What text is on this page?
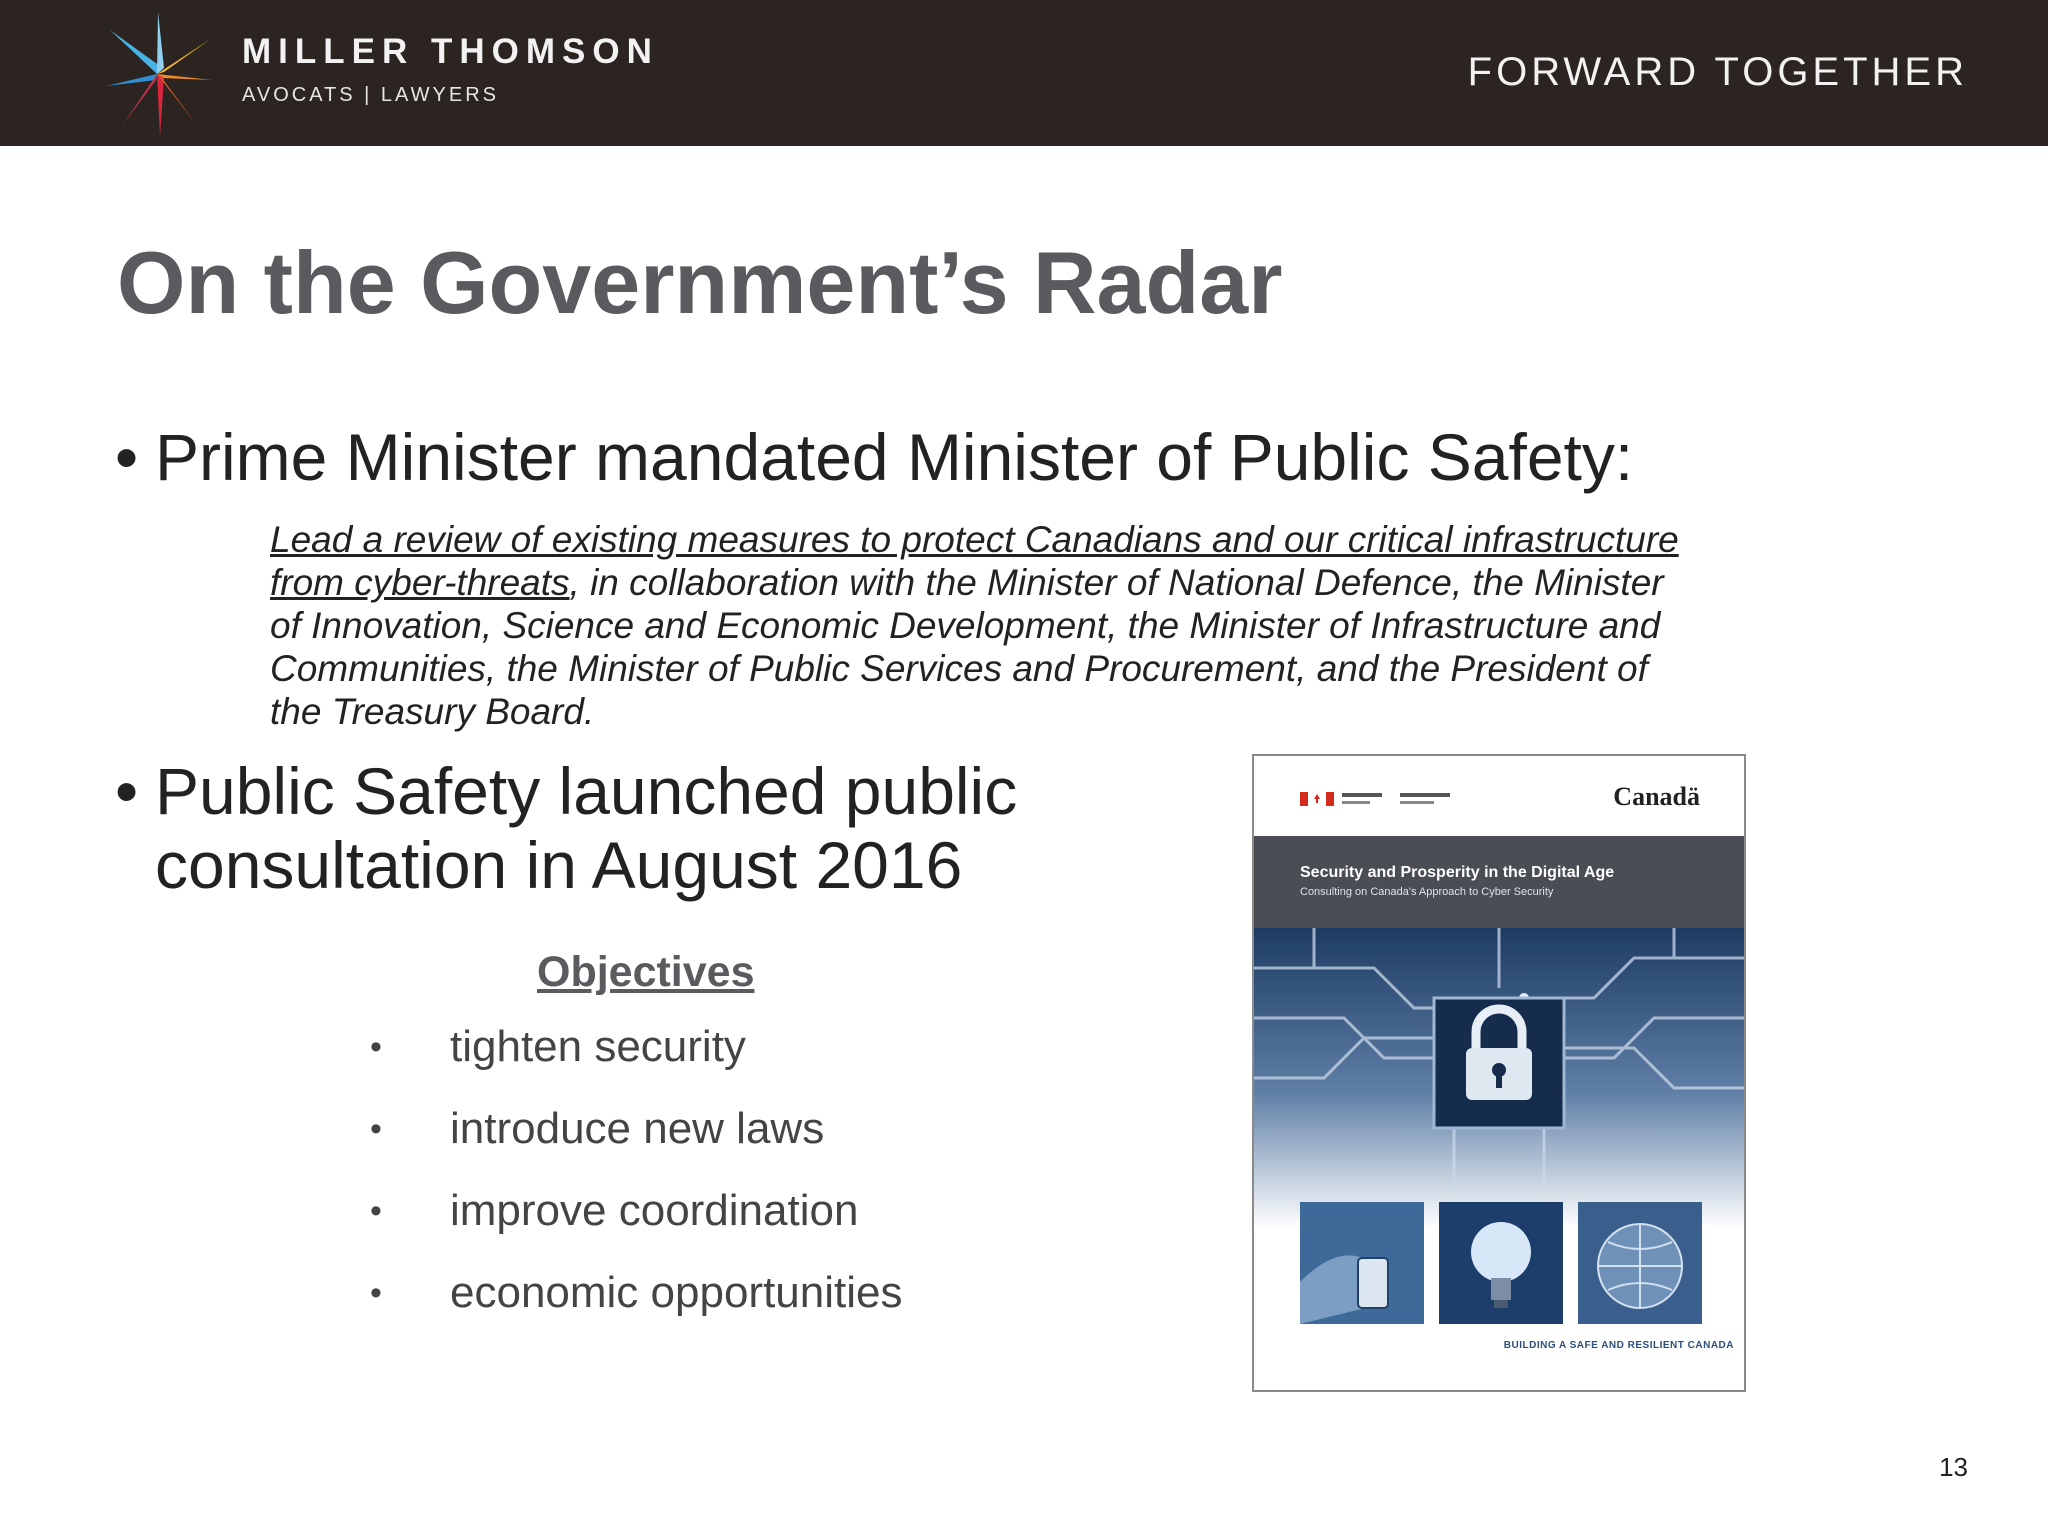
MILLER THOMSON
AVOCATS | LAWYERS
FORWARD TOGETHER
On the Government’s Radar
• Prime Minister mandated Minister of Public Safety:
Lead a review of existing measures to protect Canadians and our critical infrastructure from cyber-threats, in collaboration with the Minister of National Defence, the Minister of Innovation, Science and Economic Development, the Minister of Infrastructure and Communities, the Minister of Public Services and Procurement, and the President of the Treasury Board.
• Public Safety launched public consultation in August 2016
Objectives
• tighten security
• introduce new laws
• improve coordination
• economic opportunities
Canadä
Security and Prosperity in the Digital Age
Consulting on Canada's Approach to Cyber Security
BUILDING A SAFE AND RESILIENT CANADA
13
